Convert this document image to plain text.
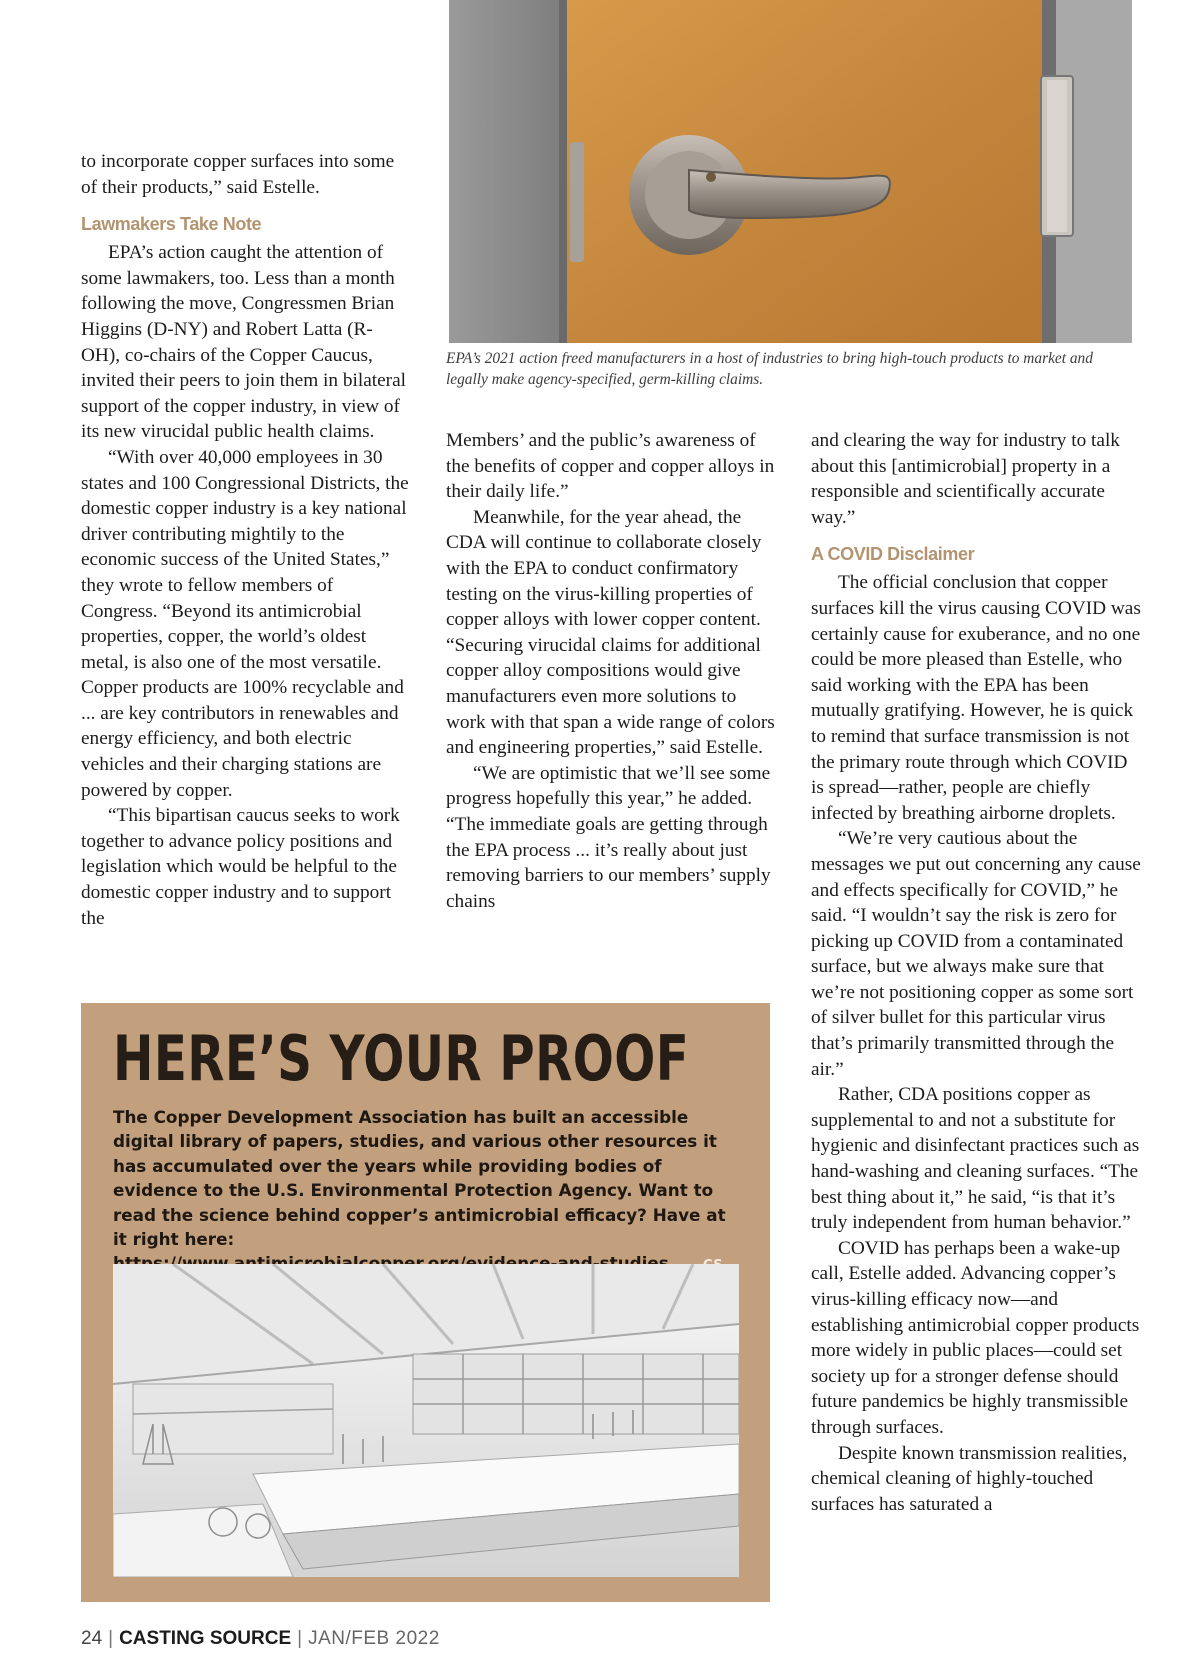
EPA’s 2021 action freed manufacturers in a host of industries to bring high-touch products to market and legally make agency-specified, germ-killing claims.

to incorporate copper surfaces into some of their products,” said Estelle.

Lawmakers Take Note

EPA’s action caught the attention of some lawmakers, too. Less than a month following the move, Congressmen Brian Higgins (D-NY) and Robert Latta (R-OH), co-chairs of the Copper Caucus, invited their peers to join them in bilateral support of the copper industry, in view of its new virucidal public health claims.

“With over 40,000 employees in 30 states and 100 Congressional Districts, the domestic copper industry is a key national driver contributing mightily to the economic success of the United States,” they wrote to fellow members of Congress. “Beyond its antimicrobial properties, copper, the world’s oldest metal, is also one of the most versatile. Copper products are 100% recyclable and ... are key contributors in renewables and energy efficiency, and both electric vehicles and their charging stations are powered by copper.

“This bipartisan caucus seeks to work together to advance policy positions and legislation which would be helpful to the domestic copper industry and to support the

Members’ and the public’s awareness of the benefits of copper and copper alloys in their daily life.”

Meanwhile, for the year ahead, the CDA will continue to collaborate closely with the EPA to conduct confirmatory testing on the virus-killing properties of copper alloys with lower copper content. “Securing virucidal claims for additional copper alloy compositions would give manufacturers even more solutions to work with that span a wide range of colors and engineering properties,” said Estelle.

“We are optimistic that we’ll see some progress hopefully this year,” he added. “The immediate goals are getting through the EPA process ... it’s really about just removing barriers to our members’ supply chains

and clearing the way for industry to talk about this [antimicrobial] property in a responsible and scientifically accurate way.”

A COVID Disclaimer

The official conclusion that copper surfaces kill the virus causing COVID was certainly cause for exuberance, and no one could be more pleased than Estelle, who said working with the EPA has been mutually gratifying. However, he is quick to remind that surface transmission is not the primary route through which COVID is spread—rather, people are chiefly infected by breathing airborne droplets.

“We’re very cautious about the messages we put out concerning any cause and effects specifically for COVID,” he said. “I wouldn’t say the risk is zero for picking up COVID from a contaminated surface, but we always make sure that we’re not positioning copper as some sort of silver bullet for this particular virus that’s primarily transmitted through the air.”

Rather, CDA positions copper as supplemental to and not a substitute for hygienic and disinfectant practices such as hand-washing and cleaning surfaces. “The best thing about it,” he said, “is that it’s truly independent from human behavior.”

COVID has perhaps been a wake-up call, Estelle added. Advancing copper’s virus-killing efficacy now—and establishing antimicrobial copper products more widely in public places—could set society up for a stronger defense should future pandemics be highly transmissible through surfaces.

Despite known transmission realities, chemical cleaning of highly-touched surfaces has saturated a

HERE’S YOUR PROOF

The Copper Development Association has built an accessible digital library of papers, studies, and various other resources it has accumulated over the years while providing bodies of evidence to the U.S. Environmental Protection Agency. Want to read the science behind copper’s antimicrobial efficacy? Have at it right here:

24 | CASTING SOURCE | JAN/FEB 2022
